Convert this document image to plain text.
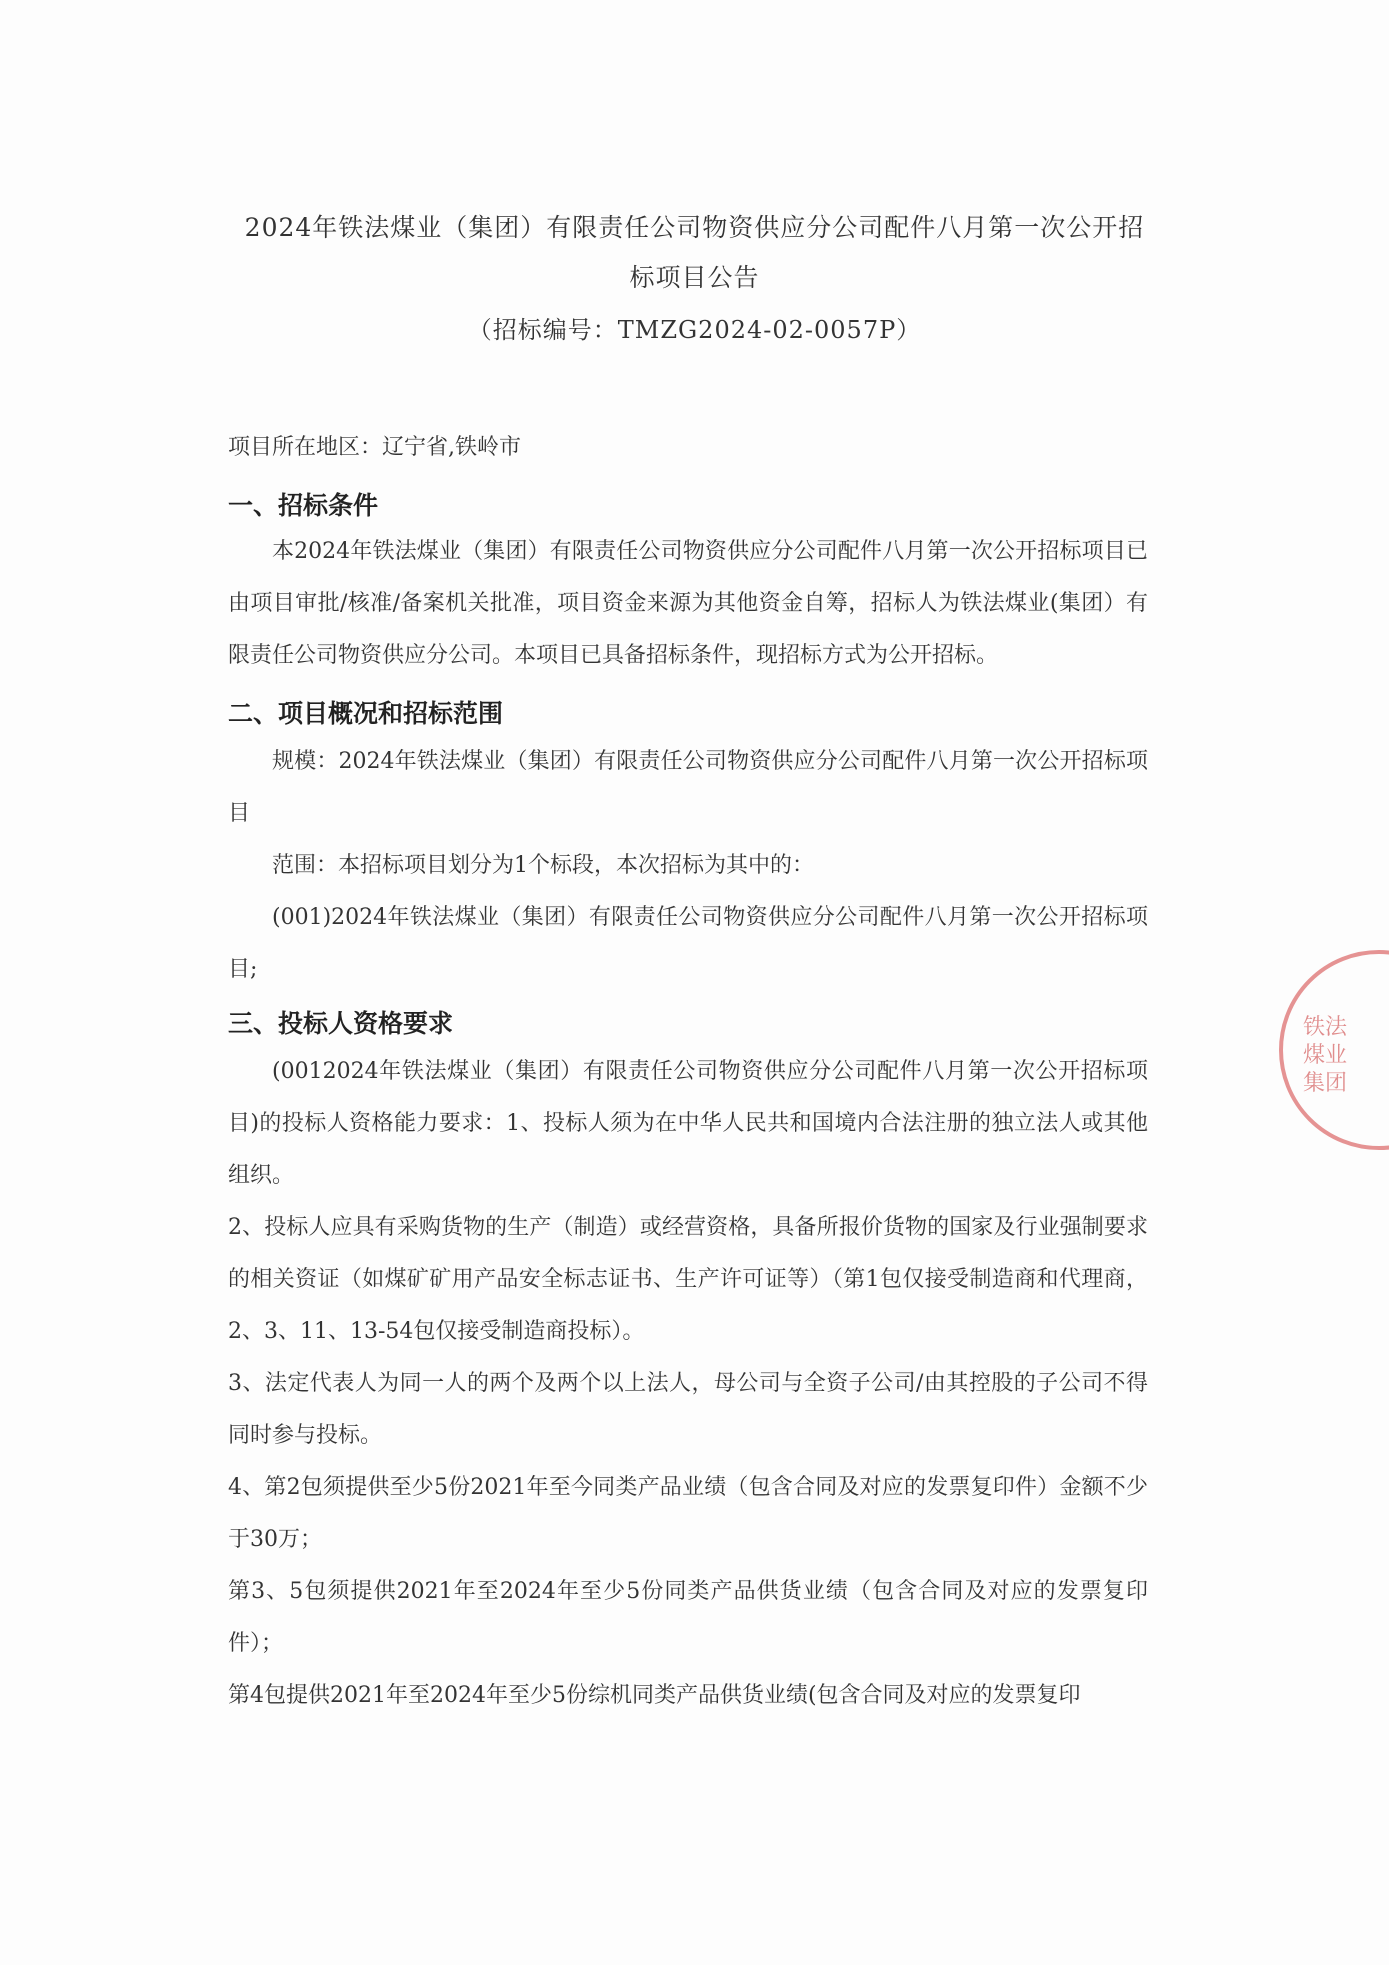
2024年铁法煤业（集团）有限责任公司物资供应分公司配件八月第一次公开招
标项目公告
（招标编号：TMZG2024-02-0057P）
项目所在地区：辽宁省,铁岭市
一、招标条件
本2024年铁法煤业（集团）有限责任公司物资供应分公司配件八月第一次公开招标项目已由项目审批/核准/备案机关批准，项目资金来源为其他资金自筹，招标人为铁法煤业(集团）有限责任公司物资供应分公司。本项目已具备招标条件，现招标方式为公开招标。
二、项目概况和招标范围
规模：2024年铁法煤业（集团）有限责任公司物资供应分公司配件八月第一次公开招标项目
范围：本招标项目划分为1个标段，本次招标为其中的：
(001)2024年铁法煤业（集团）有限责任公司物资供应分公司配件八月第一次公开招标项目;
三、投标人资格要求
(0012024年铁法煤业（集团）有限责任公司物资供应分公司配件八月第一次公开招标项目)的投标人资格能力要求：1、投标人须为在中华人民共和国境内合法注册的独立法人或其他组织。
2、投标人应具有采购货物的生产（制造）或经营资格，具备所报价货物的国家及行业强制要求的相关资证（如煤矿矿用产品安全标志证书、生产许可证等）（第1包仅接受制造商和代理商，2、3、11、13-54包仅接受制造商投标）。
3、法定代表人为同一人的两个及两个以上法人，母公司与全资子公司/由其控股的子公司不得同时参与投标。
4、第2包须提供至少5份2021年至今同类产品业绩（包含合同及对应的发票复印件）金额不少于30万；
第3、5包须提供2021年至2024年至少5份同类产品供货业绩（包含合同及对应的发票复印件）；
第4包提供2021年至2024年至少5份综机同类产品供货业绩(包含合同及对应的发票复印
铁法煤业集团
